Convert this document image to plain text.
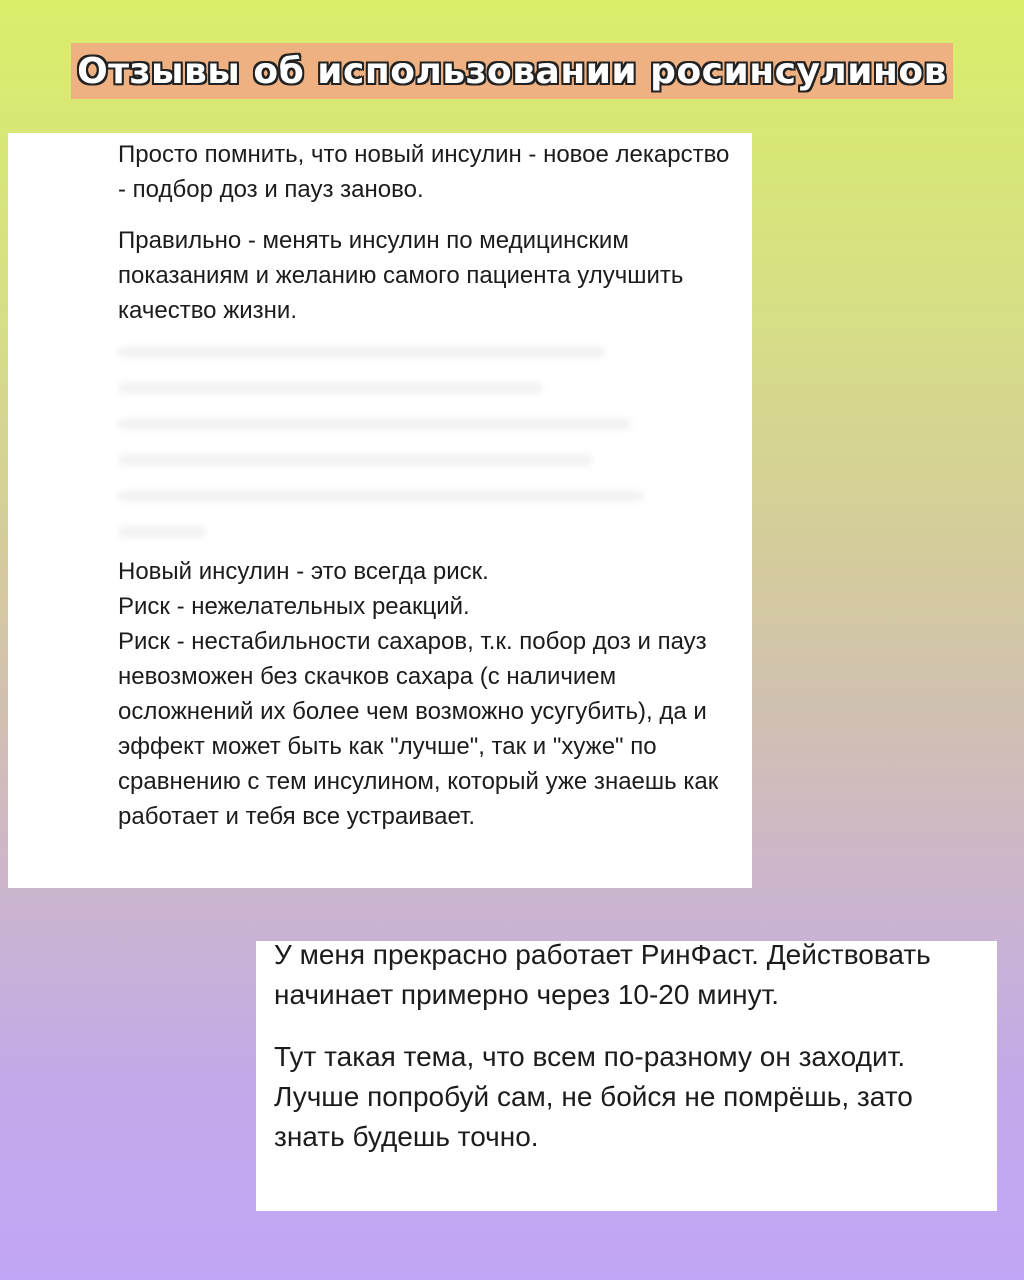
Отзывы об использовании росинсулинов

Просто помнить, что новый инсулин - новое лекарство - подбор доз и пауз заново.

Правильно - менять инсулин по медицинским показаниям и желанию самого пациента улучшить качество жизни.

Новый инсулин - это всегда риск.

Риск - нежелательных реакций.

Риск - нестабильности сахаров, т.к. побор доз и пауз невозможен без скачков сахара (с наличием осложнений их более чем возможно усугубить), да и эффект может быть как "лучше", так и "хуже" по сравнению с тем инсулином, который уже знаешь как работает и тебя все устраивает.

У меня прекрасно работает РинФаст. Действовать начинает примерно через 10-20 минут.

Тут такая тема, что всем по-разному он заходит. Лучше попробуй сам, не бойся не помрёшь, зато знать будешь точно.
